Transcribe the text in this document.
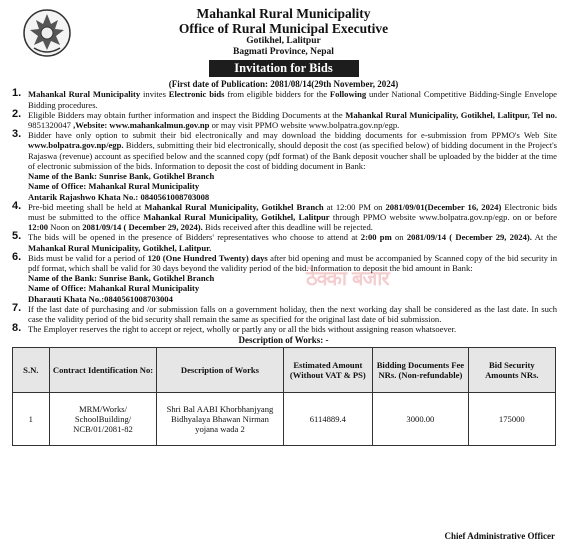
Mahankal Rural Municipality
Office of Rural Municipal Executive
Gotikhel, Lalitpur
Bagmati Province, Nepal
Invitation for Bids
(First date of Publication: 2081/08/14(29th November, 2024)
1. Mahankal Rural Municipality invites Electronic bids from eligible bidders for the Following under National Competitive Bidding-Single Envelope Bidding procedures.
2. Eligible Bidders may obtain further information and inspect the Bidding Documents at the Mahankal Rural Municipality, Gotikhel, Lalitpur, Tel no. 9851320047 ,Website: www.mahankalmun.gov.np or may visit PPMO website www.bolpatra.gov.np/egp.
3. Bidder have only option to submit their bid electronically and may download the bidding documents for e-submission from PPMO's Web Site www.bolpatra.gov.np/egp. Bidders, submitting their bid electronically, should deposit the cost (as specified below) of bidding document in the Project's Rajaswa (revenue) account as specified below and the scanned copy (pdf format) of the Bank deposit voucher shall be uploaded by the bidder at the time of electronic submission of the bids. Information to deposit the cost of bidding document in Bank:
Name of the Bank: Sunrise Bank, Gotikhel Branch
Name of Office: Mahankal Rural Municipality
Antarik Rajashwo Khata No.: 0840561008703008
4. Pre-bid meeting shall be held at Mahankal Rural Municipality, Gotikhel Branch at 12:00 PM on 2081/09/01(December 16, 2024) Electronic bids must be submitted to the office Mahankal Rural Municipality, Gotikhel, Lalitpur through PPMO website www.bolpatra.gov.np/egp. on or before 12:00 Noon on 2081/09/14 ( December 29, 2024). Bids received after this deadline will be rejected.
5. The bids will be opened in the presence of Bidders' representatives who choose to attend at 2:00 pm on 2081/09/14 ( December 29, 2024). At the Mahankal Rural Municipality, Gotikhel, Lalitpur.
6. Bids must be valid for a period of 120 (One Hundred Twenty) days after bid opening and must be accompanied by Scanned copy of the bid security in pdf format, which shall be valid for 30 days beyond the validity period of the bid. Information to deposit the bid amount in Bank:
Name of the Bank: Sunrise Bank, Gotikhel Branch
Name of Office: Mahankal Rural Municipality
Dharauti Khata No.:0840561008703004
7. If the last date of purchasing and /or submission falls on a government holiday, then the next working day shall be considered as the last date. In such case the validity period of the bid security shall remain the same as specified for the original last date of bid submission.
8. The Employer reserves the right to accept or reject, wholly or partly any or all the bids without assigning reason whatsoever.
Description of Works: -
S.N.	Contract Identification No:	Description of Works	Estimated Amount (Without VAT & PS)	Bidding Documents Fee NRs. (Non-refundable)	Bid Security Amounts NRs.
1	MRM/Works/ SchoolBuilding/ NCB/01/2081-82	Shri Bal AABI Khorbhanjyang Bidhyalaya Bhawan Nirman yojana wada 2	6114889.4	3000.00	175000
Chief Administrative Officer
ठेक्का बजार
